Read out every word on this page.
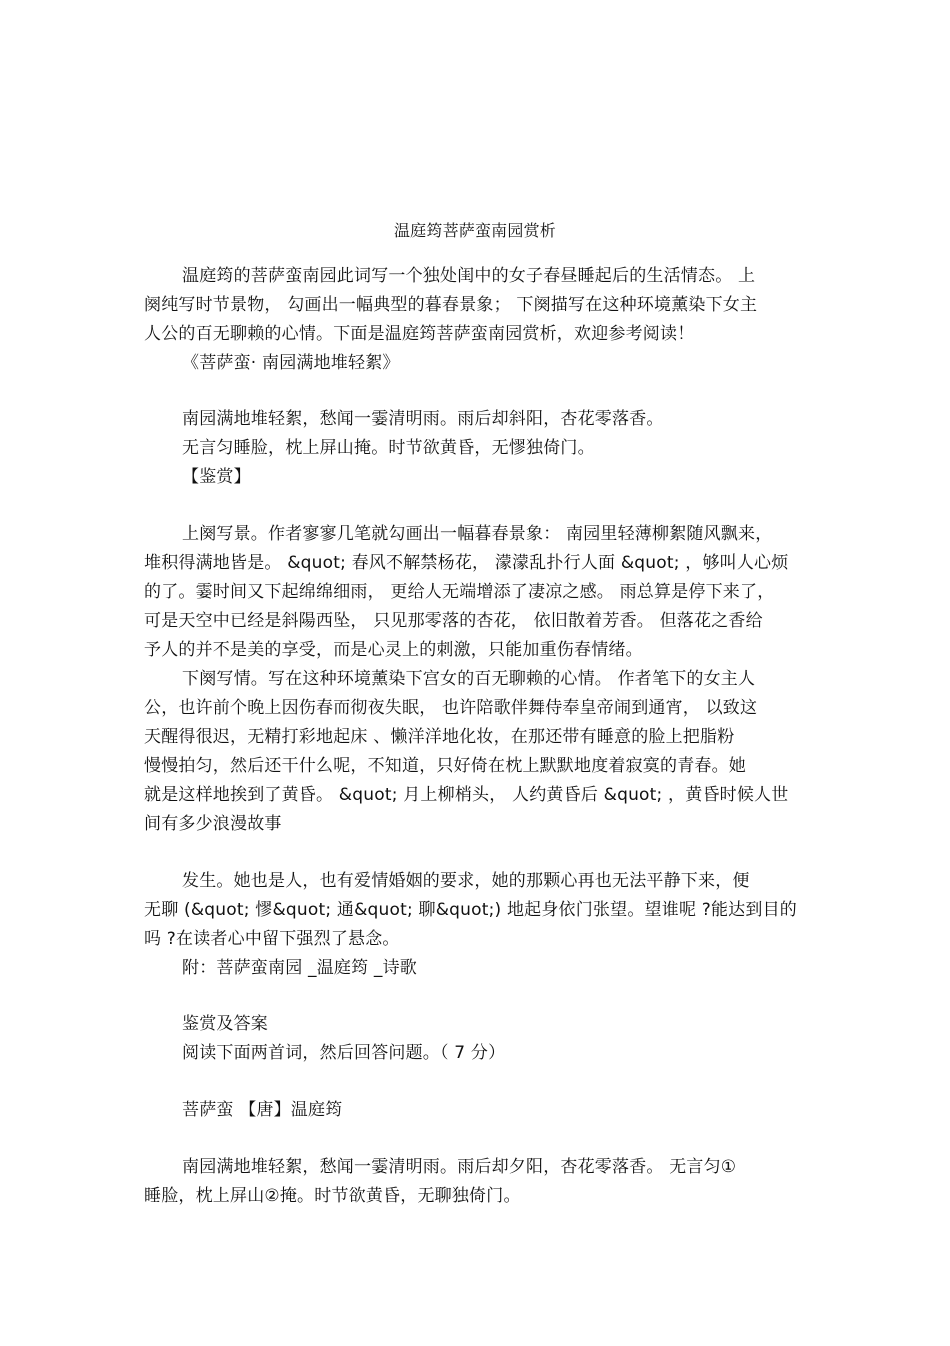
温庭筠菩萨蛮南园赏析
温庭筠的菩萨蛮南园此词写一个独处闺中的女子春昼睡起后的生活情态。 上
阕纯写时节景物， 勾画出一幅典型的暮春景象； 下阕描写在这种环境薰染下女主
人公的百无聊赖的心情。下面是温庭筠菩萨蛮南园赏析，欢迎参考阅读！
《菩萨蛮· 南园满地堆轻絮》
南园满地堆轻絮，愁闻一霎清明雨。雨后却斜阳，杏花零落香。
无言匀睡脸，枕上屏山掩。时节欲黄昏，无憀独倚门。
【鉴赏】
上阕写景。作者寥寥几笔就勾画出一幅暮春景象： 南园里轻薄柳絮随风飘来，
堆积得满地皆是。 &quot; 春风不解禁杨花， 濛濛乱扑行人面 &quot; ，够叫人心烦
的了。霎时间又下起绵绵细雨， 更给人无端增添了凄凉之感。 雨总算是停下来了，
可是天空中已经是斜陽西坠， 只见那零落的杏花， 依旧散着芳香。 但落花之香给
予人的并不是美的享受，而是心灵上的刺激，只能加重伤春情绪。
下阕写情。写在这种环境薰染下宫女的百无聊赖的心情。 作者笔下的女主人
公，也许前个晚上因伤春而彻夜失眠， 也许陪歌伴舞侍奉皇帝闹到通宵， 以致这
天醒得很迟，无精打彩地起床 、懒洋洋地化妆，在那还带有睡意的脸上把脂粉
慢慢拍匀，然后还干什么呢，不知道，只好倚在枕上默默地度着寂寞的青春。她
就是这样地挨到了黄昏。 &quot; 月上柳梢头， 人约黄昏后 &quot; ，黄昏时候人世
间有多少浪漫故事
发生。她也是人，也有爱情婚姻的要求，她的那颗心再也无法平静下来，便
无聊 (&quot; 憀&quot; 通&quot; 聊&quot;) 地起身依门张望。望谁呢 ?能达到目的
吗 ?在读者心中留下强烈了悬念。
附：菩萨蛮南园 _温庭筠 _诗歌
鉴赏及答案
阅读下面两首词，然后回答问题。（ 7 分）
菩萨蛮 【唐】温庭筠
南园满地堆轻絮，愁闻一霎清明雨。雨后却夕阳，杏花零落香。 无言匀①
睡脸，枕上屏山②掩。时节欲黄昏，无聊独倚门。
